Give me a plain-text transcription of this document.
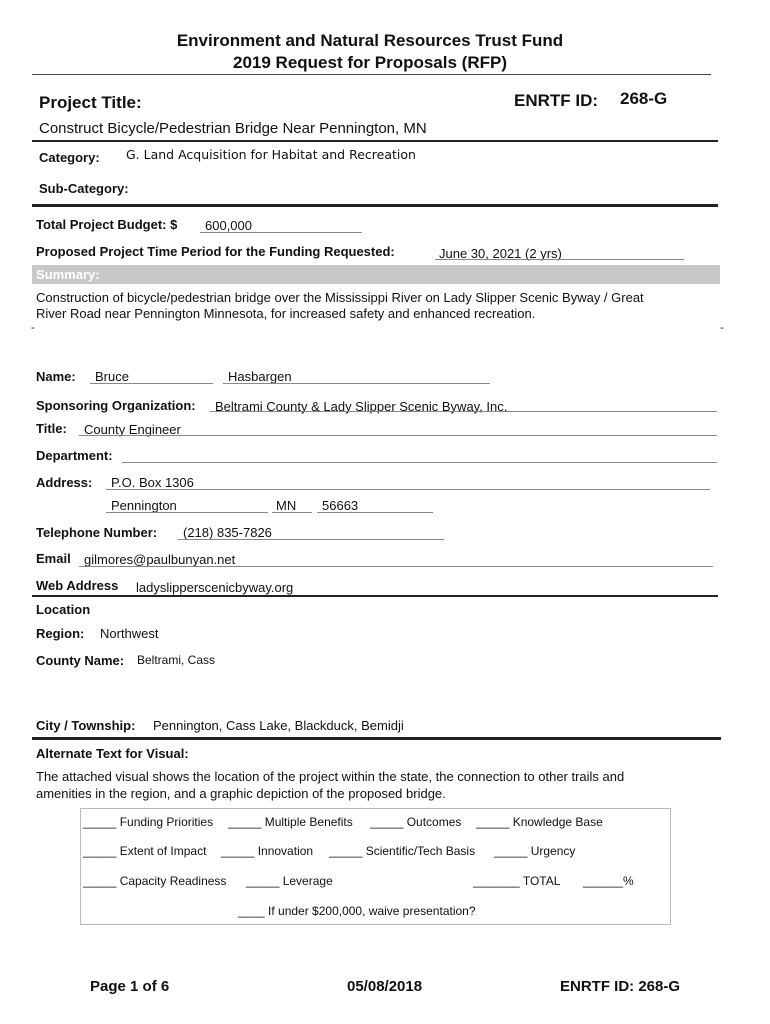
Environment and Natural Resources Trust Fund
2019 Request for Proposals (RFP)
Project Title:	ENRTF ID: 268-G
Construct Bicycle/Pedestrian Bridge Near Pennington, MN
Category: G. Land Acquisition for Habitat and Recreation
Sub-Category:
Total Project Budget: $ 600,000
Proposed Project Time Period for the Funding Requested:	June 30, 2021 (2 yrs)
Summary:
Construction of bicycle/pedestrian bridge over the Mississippi River on Lady Slipper Scenic Byway / Great
River Road near Pennington Minnesota, for increased safety and enhanced recreation.
-	-
Name: Bruce	Hasbargen
Sponsoring Organization: Beltrami County & Lady Slipper Scenic Byway, Inc.
Title: County Engineer
Department:
Address: P.O. Box 1306
Pennington	MN 56663
Telephone Number: (218) 835-7826
Email gilmores@paulbunyan.net
Web Address ladyslipperscenicbyway.org
Location
Region: Northwest
County Name: Beltrami, Cass
City / Township: Pennington, Cass Lake, Blackduck, Bemidji
Alternate Text for Visual:
The attached visual shows the location of the project within the state, the connection to other trails and
amenities in the region, and a graphic depiction of the proposed bridge.
_____ Funding Priorities _____ Multiple Benefits _____ Outcomes _____ Knowledge Base
_____ Extent of Impact _____ Innovation _____ Scientific/Tech Basis _____ Urgency
_____ Capacity Readiness _____ Leverage	_______ TOTAL ______%
____ If under $200,000, waive presentation?
Page 1 of 6	05/08/2018	ENRTF ID: 268-G
